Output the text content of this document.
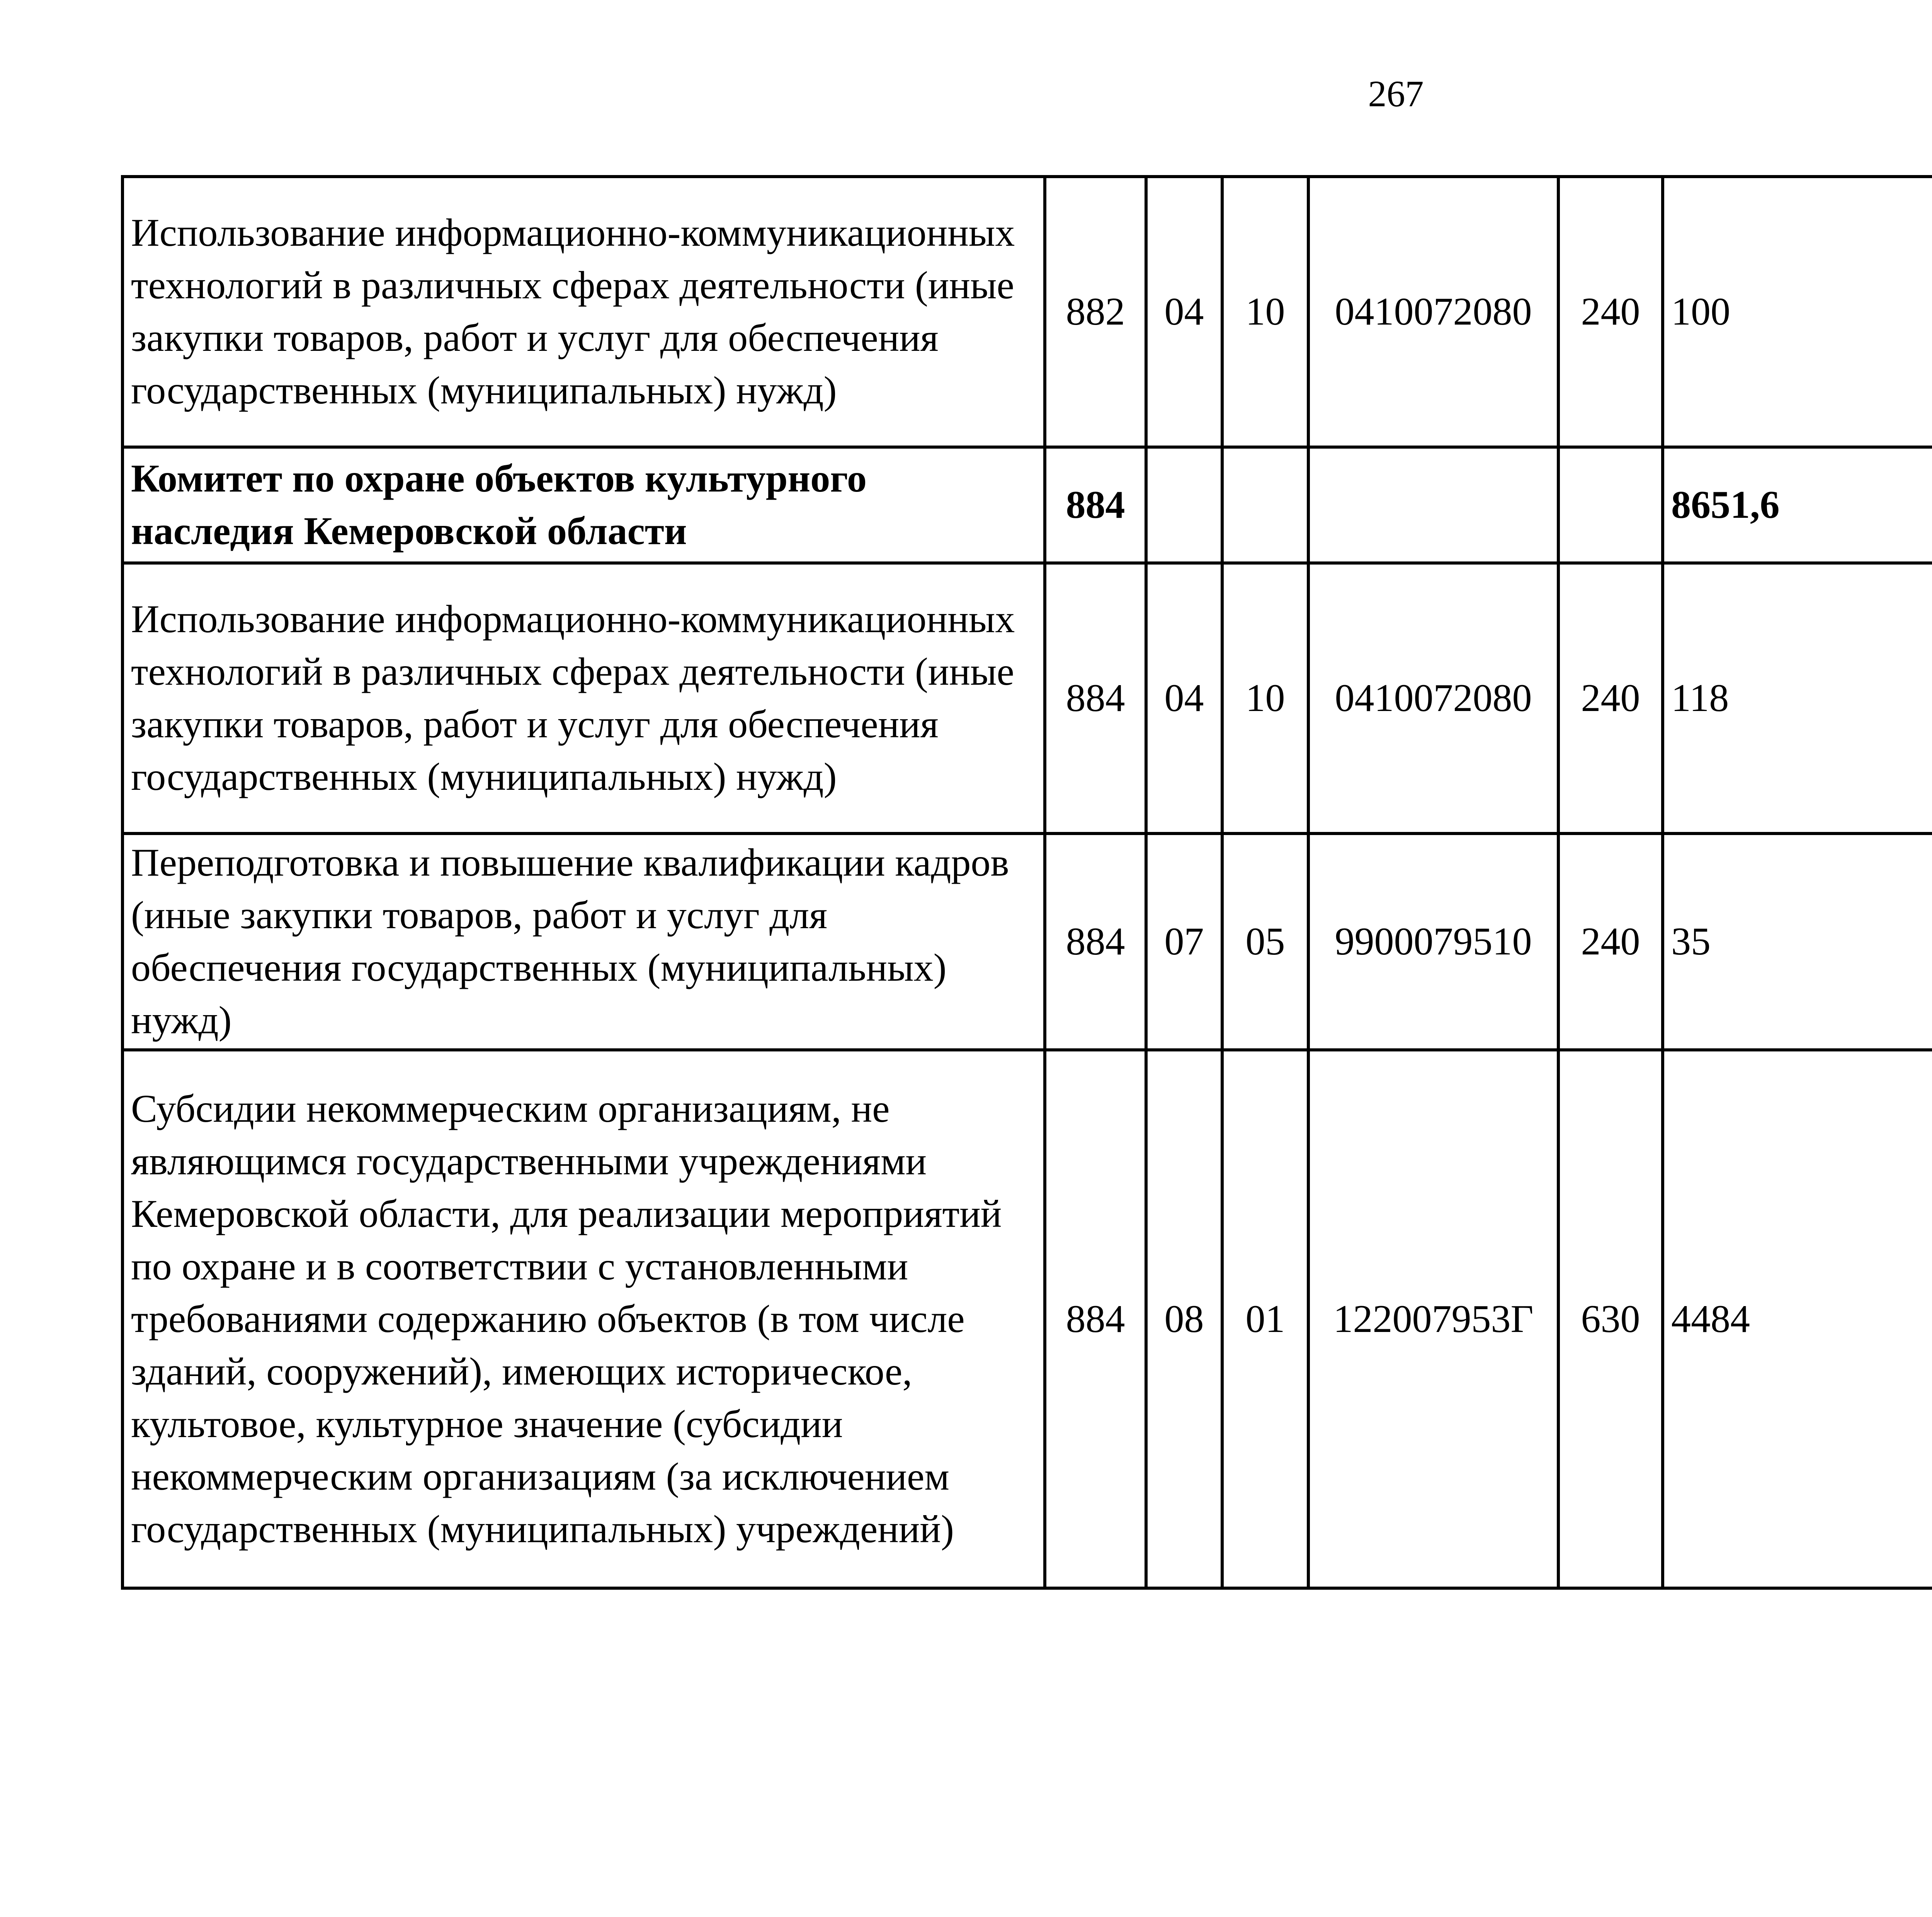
267
Использование информационно-коммуникационных технологий в различных сферах деятельности (иные закупки товаров, работ и услуг для обеспечения государственных (муниципальных) нужд)	882	04	10	0410072080	240	100		
Комитет по охране объектов культурного наследия Кемеровской области	884					8651,6		
Использование информационно-коммуникационных технологий в различных сферах деятельности (иные закупки товаров, работ и услуг для обеспечения государственных (муниципальных) нужд)	884	04	10	0410072080	240	118		
Переподготовка и повышение квалификации кадров (иные закупки товаров, работ и услуг для обеспечения государственных (муниципальных) нужд)	884	07	05	9900079510	240	35		
Субсидии некоммерческим организациям, не являющимся государственными учреждениями Кемеровской области, для реализации мероприятий по охране и в соответствии с установленными требованиями содержанию объектов (в том числе зданий, сооружений), имеющих историческое, культовое, культурное значение (субсидии некоммерческим организациям (за исключением государственных (муниципальных) учреждений)	884	08	01	122007953Г	630	4484		
